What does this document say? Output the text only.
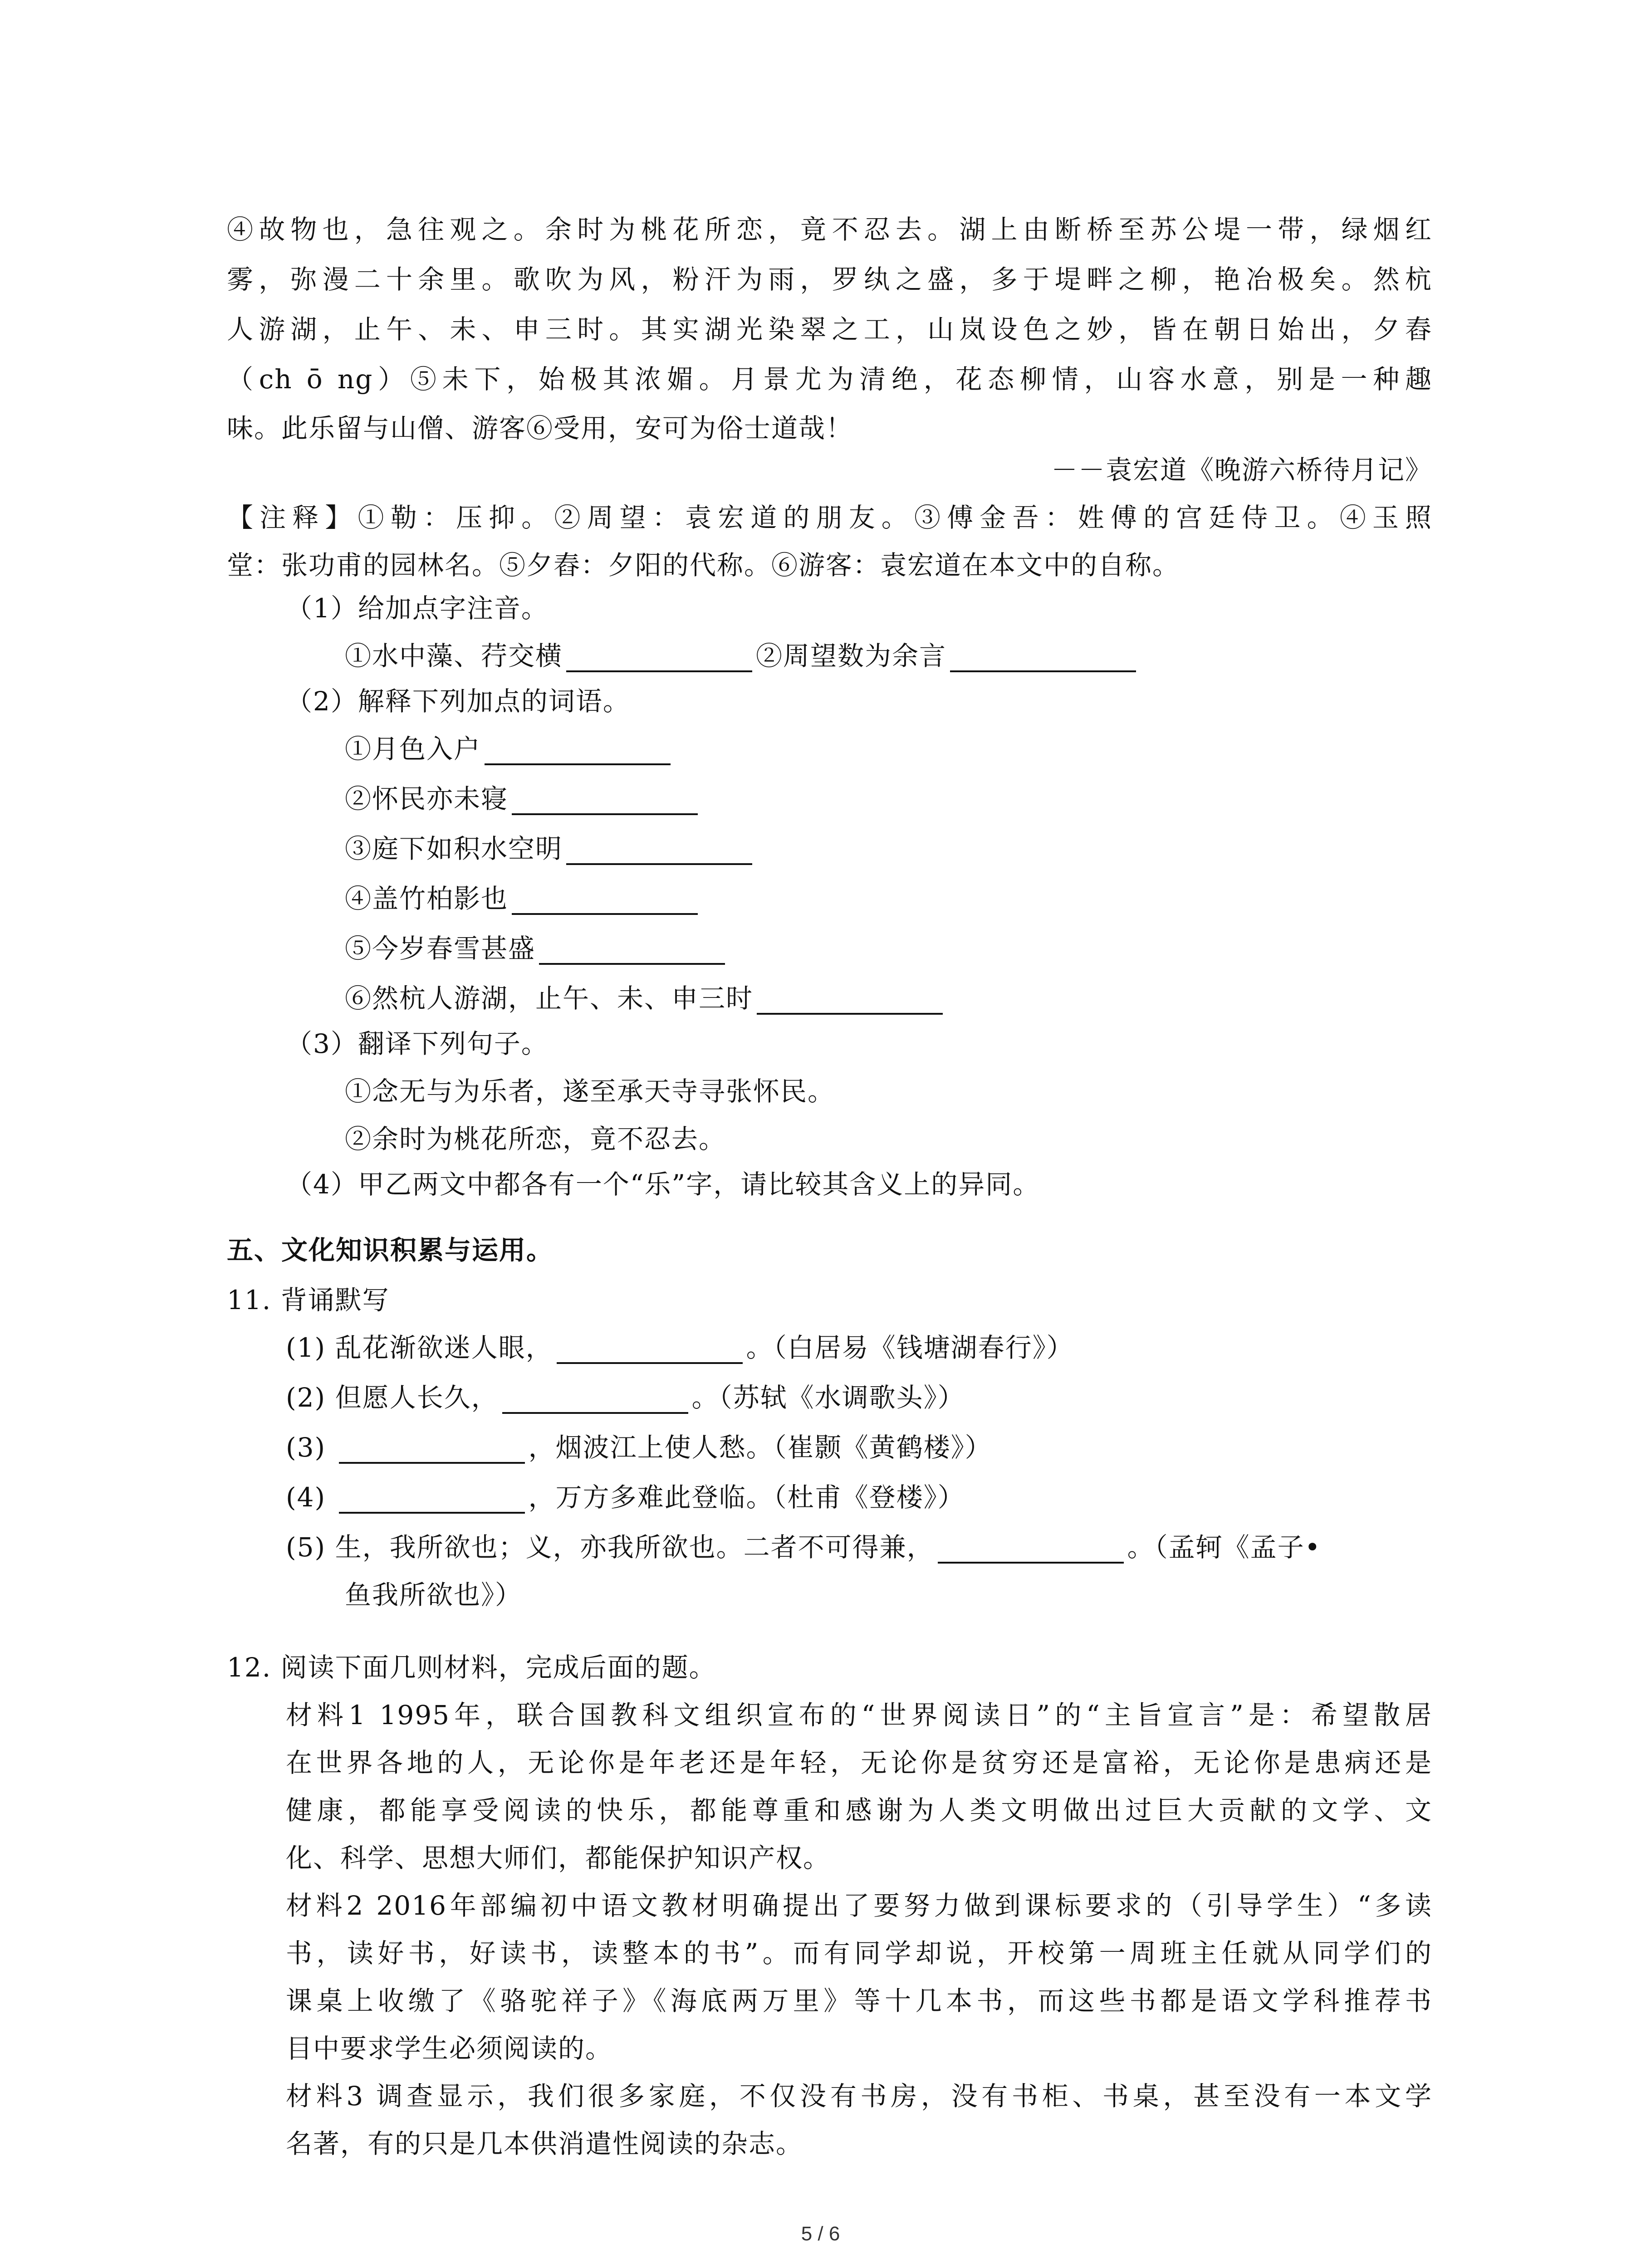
④故物也，急往观之。余时为桃花所恋，竟不忍去。湖上由断桥至苏公堤一带，绿烟红
雾，弥漫二十余里。歌吹为风，粉汗为雨，罗纨之盛，多于堤畔之柳，艳冶极矣。然杭
人游湖，止午、未、申三时。其实湖光染翠之工，山岚设色之妙，皆在朝日始出，夕舂
（ch ō ng）⑤未下，始极其浓媚。月景尤为清绝，花态柳情，山容水意，别是一种趣
味。此乐留与山僧、游客⑥受用，安可为俗士道哉！
－－袁宏道《晚游六桥待月记》
【注释】①勒：压抑。②周望：袁宏道的朋友。③傅金吾：姓傅的宫廷侍卫。④玉照
堂：张功甫的园林名。⑤夕舂：夕阳的代称。⑥游客：袁宏道在本文中的自称。
（1）给加点字注音。
①水中藻、荇交横	②周望数为余言
（2）解释下列加点的词语。
①月色入户
②怀民亦未寝
③庭下如积水空明
④盖竹柏影也
⑤今岁春雪甚盛
⑥然杭人游湖，止午、未、申三时
（3）翻译下列句子。
①念无与为乐者，遂至承天寺寻张怀民。
②余时为桃花所恋，竟不忍去。
（4）甲乙两文中都各有一个“乐”字，请比较其含义上的异同。
五、文化知识积累与运用。
11. 背诵默写
(1) 乱花渐欲迷人眼，	。（白居易《钱塘湖春行》）
(2) 但愿人长久，	。（苏轼《水调歌头》）
(3)	，烟波江上使人愁。（崔颢《黄鹤楼》）
(4)	，万方多难此登临。（杜甫《登楼》）
(5) 生，我所欲也；义，亦我所欲也。二者不可得兼，	。（孟轲《孟子•
鱼我所欲也》）
12. 阅读下面几则材料，完成后面的题。
材料1 1995年，联合国教科文组织宣布的“世界阅读日”的“主旨宣言”是：希望散居
在世界各地的人，无论你是年老还是年轻，无论你是贫穷还是富裕，无论你是患病还是
健康，都能享受阅读的快乐，都能尊重和感谢为人类文明做出过巨大贡献的文学、文
化、科学、思想大师们，都能保护知识产权。
材料2 2016年部编初中语文教材明确提出了要努力做到课标要求的（引导学生）“多读
书，读好书，好读书，读整本的书”。而有同学却说，开校第一周班主任就从同学们的
课桌上收缴了《骆驼祥子》《海底两万里》等十几本书，而这些书都是语文学科推荐书
目中要求学生必须阅读的。
材料3 调查显示，我们很多家庭，不仅没有书房，没有书柜、书桌，甚至没有一本文学
名著，有的只是几本供消遣性阅读的杂志。
5 / 6
